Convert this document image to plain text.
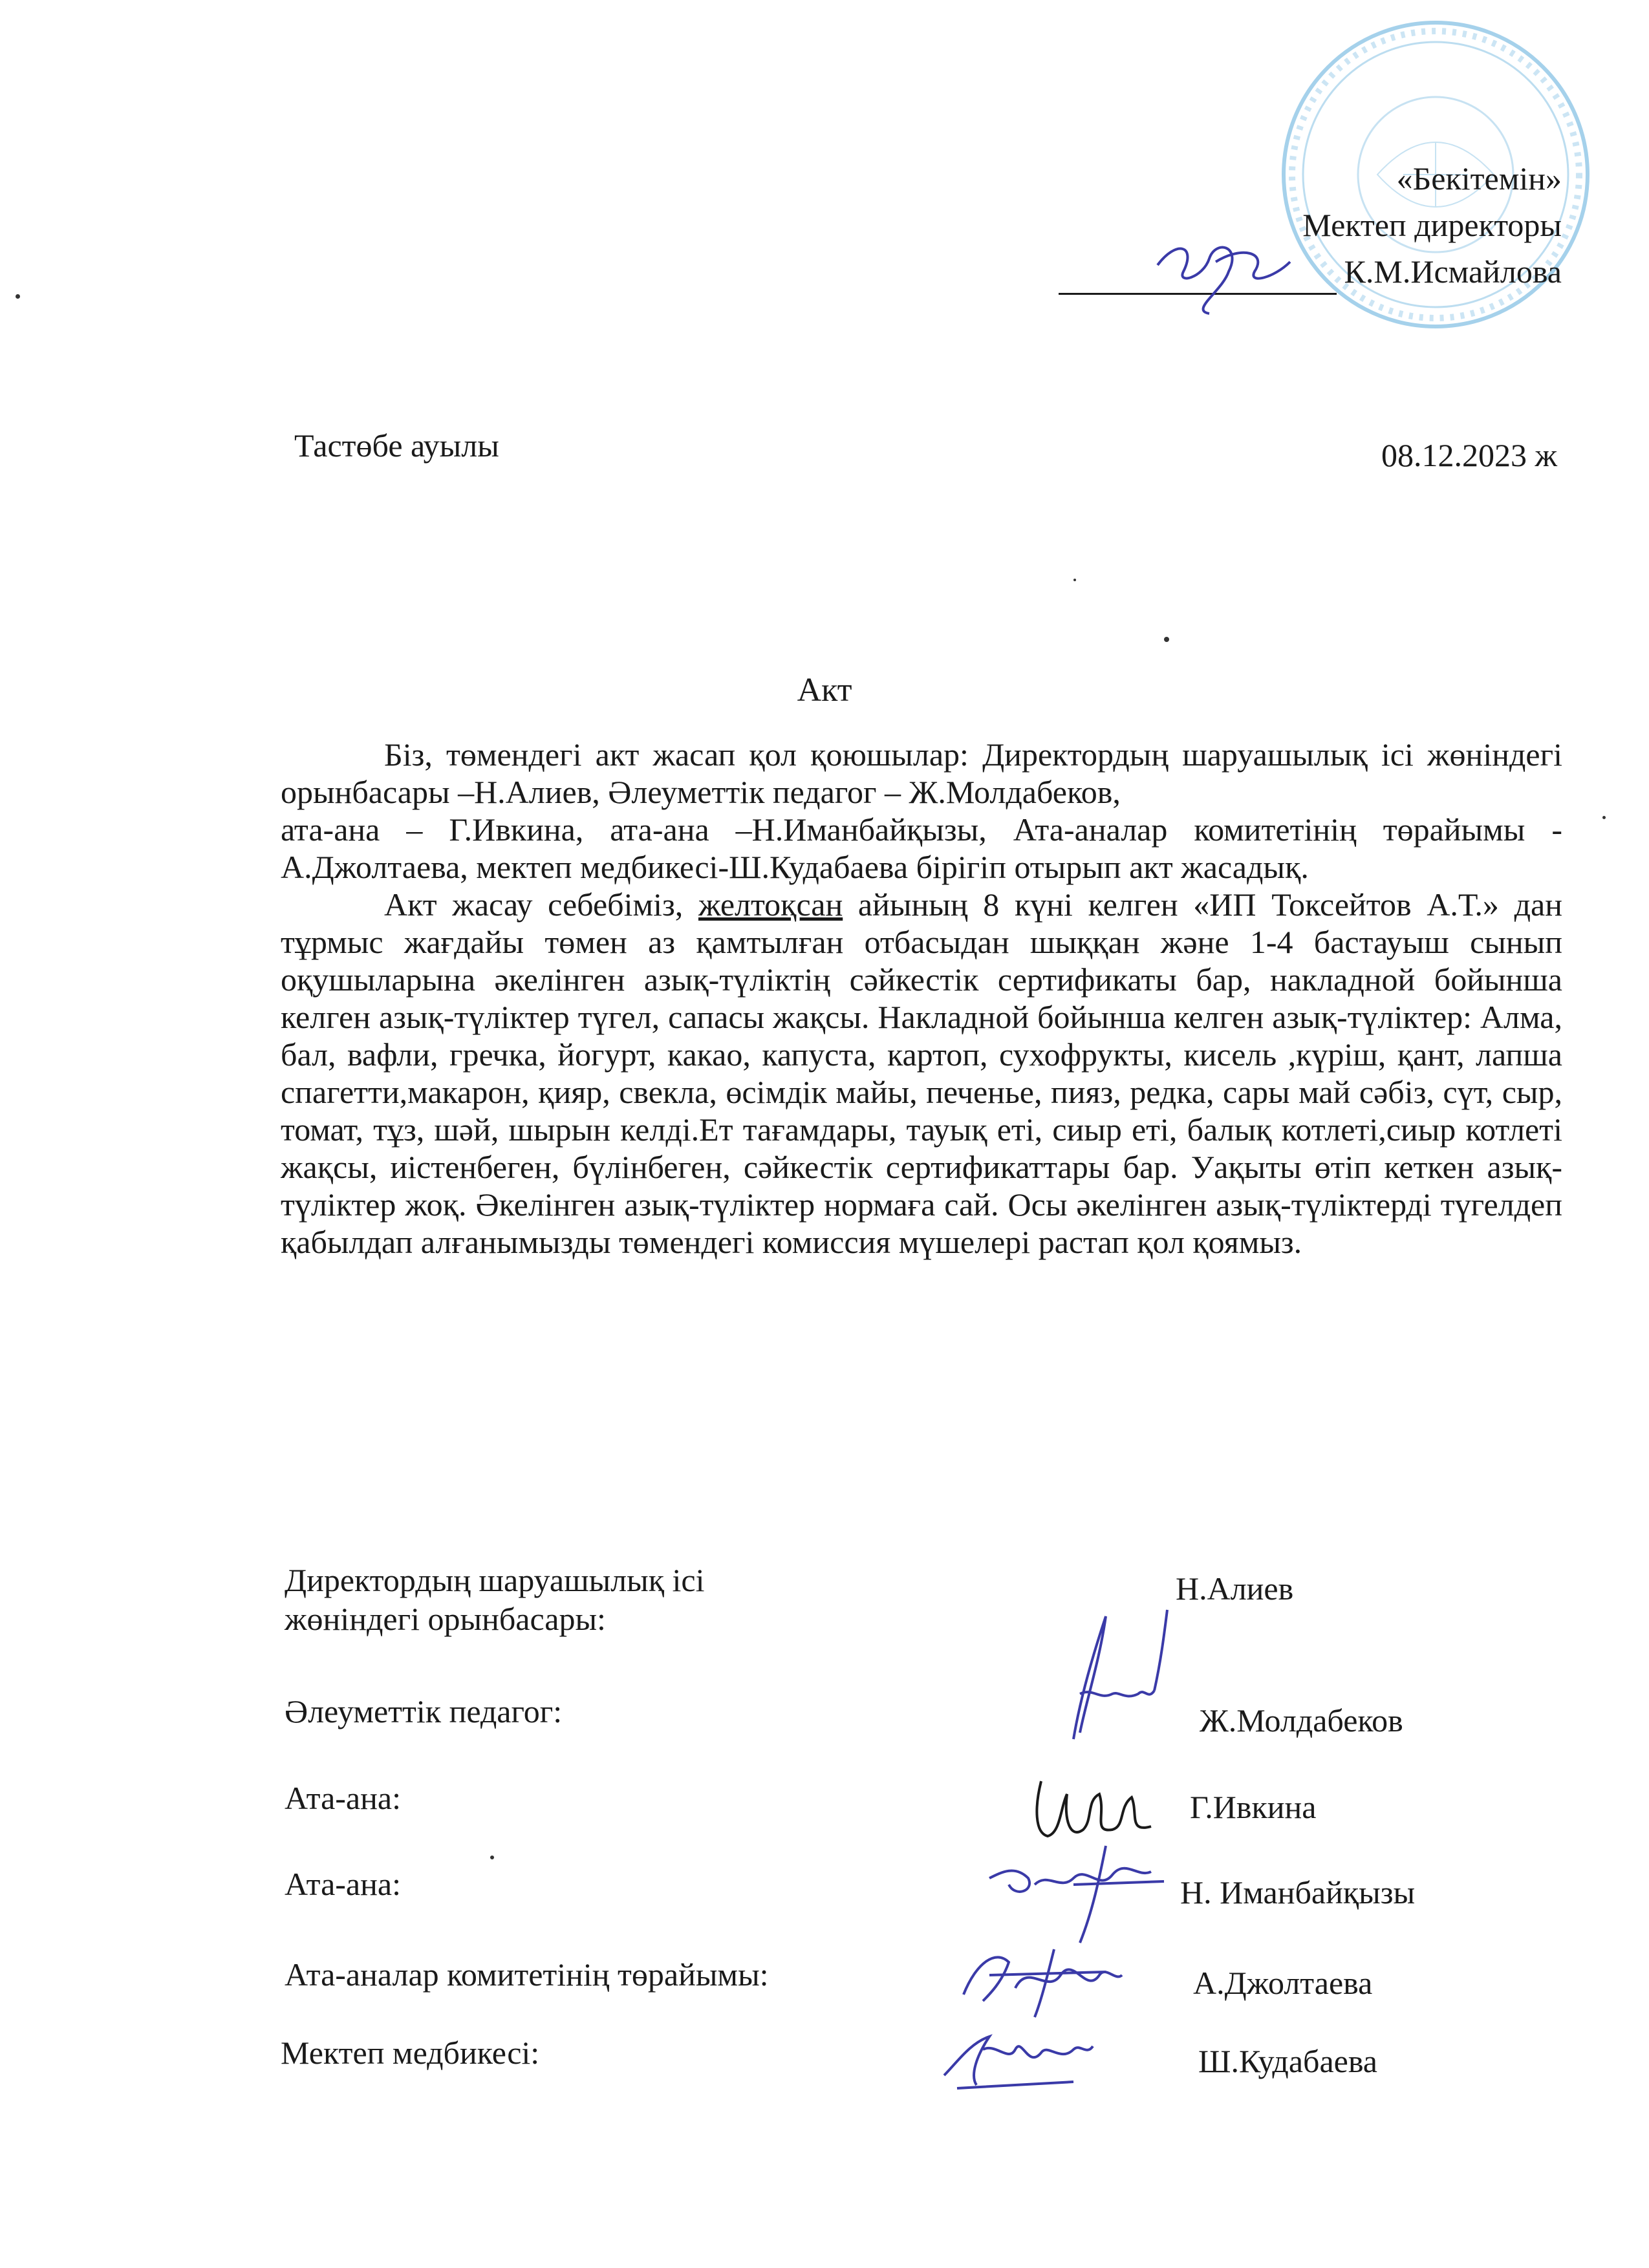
«Бекітемін»
Мектеп директоры
К.М.Исмайлова
Тастөбе ауылы	08.12.2023 ж
Акт

Біз, төмендегі акт жасап қол қоюшылар: Директордың шаруашылық ісі жөніндегі орынбасары –Н.Алиев, Әлеуметтік педагог – Ж.Молдабеков,

ата-ана – Г.Ивкина, ата-ана –Н.Иманбайқызы, Ата-аналар комитетінің төрайымы - А.Джолтаева, мектеп медбикесі-Ш.Кудабаева бірігіп отырып акт жасадық.

Акт жасау себебіміз, желтоқсан айының 8 күні келген «ИП Токсейтов А.Т.» дан тұрмыс жағдайы төмен аз қамтылған отбасыдан шыққан және 1-4 бастауыш сынып оқушыларына әкелінген азық-түліктің сәйкестік сертификаты бар, накладной бойынша келген азық-түліктер түгел, сапасы жақсы. Накладной бойынша келген азық-түліктер: Алма, бал, вафли, гречка, йогурт, какао, капуста, картоп, сухофрукты, кисель ,күріш, қант, лапша спагетти,макарон, қияр, свекла, өсімдік майы, печенье, пияз, редка, сары май сәбіз, сүт, сыр, томат, тұз, шәй, шырын келді.Ет тағамдары, тауық еті, сиыр еті, балық котлеті,сиыр котлеті жақсы, иістенбеген, бүлінбеген, сәйкестік сертификаттары бар. Уақыты өтіп кеткен азық-түліктер жоқ. Әкелінген азық-түліктер нормаға сай. Осы әкелінген азық-түліктерді түгелдеп қабылдап алғанымызды төмендегі комиссия мүшелері растап қол қоямыз.

Директордың шаруашылық ісі
жөніндегі орынбасары:
Н.Алиев
Әлеуметтік педагог:	Ж.Молдабеков
Ата-ана:	Г.Ивкина
Ата-ана:	Н. Иманбайқызы
Ата-аналар комитетінің төрайымы:	А.Джолтаева
Мектеп медбикесі:	Ш.Кудабаева
